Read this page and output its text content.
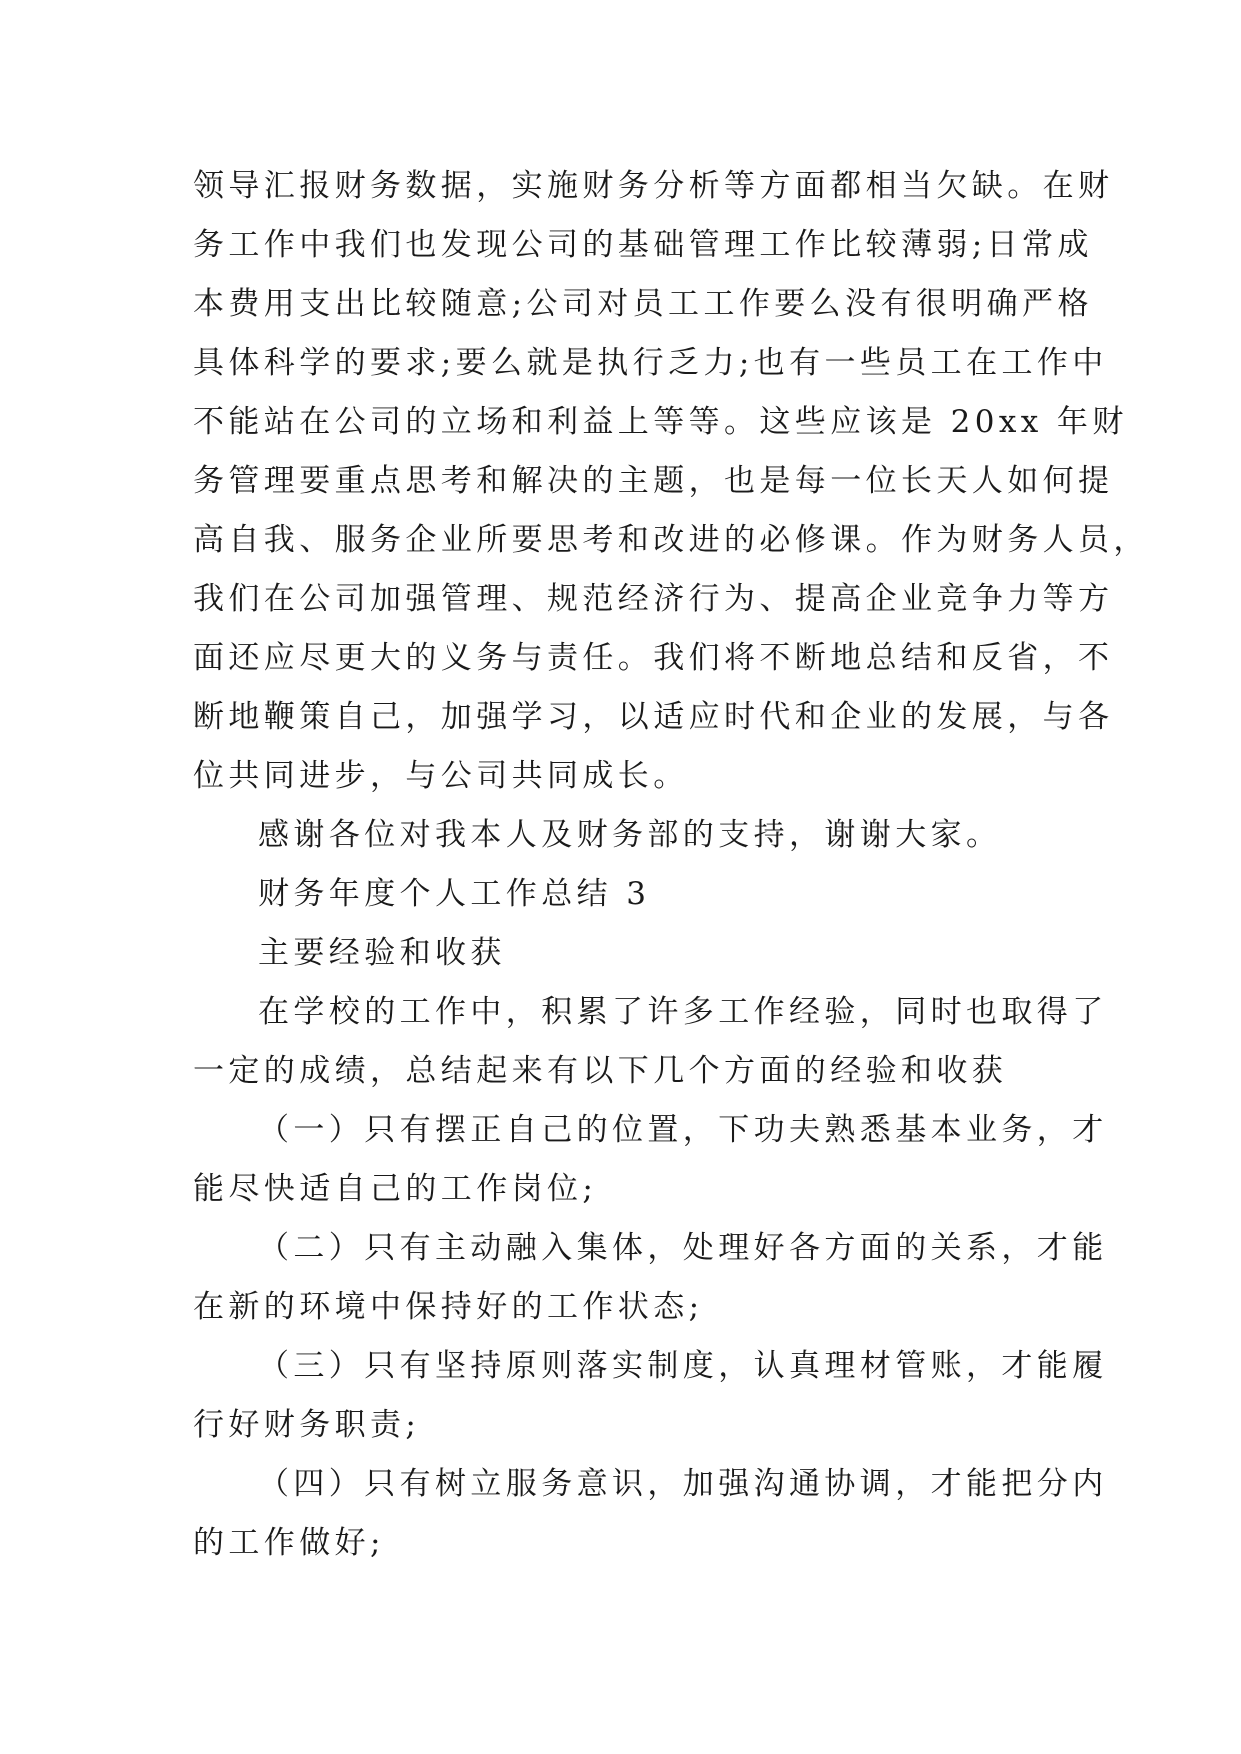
领导汇报财务数据，实施财务分析等方面都相当欠缺。在财
务工作中我们也发现公司的基础管理工作比较薄弱;日常成
本费用支出比较随意;公司对员工工作要么没有很明确严格
具体科学的要求;要么就是执行乏力;也有一些员工在工作中
不能站在公司的立场和利益上等等。这些应该是 20xx 年财
务管理要重点思考和解决的主题，也是每一位长天人如何提
高自我、服务企业所要思考和改进的必修课。作为财务人员，
我们在公司加强管理、规范经济行为、提高企业竞争力等方
面还应尽更大的义务与责任。我们将不断地总结和反省，不
断地鞭策自己，加强学习，以适应时代和企业的发展，与各
位共同进步，与公司共同成长。
感谢各位对我本人及财务部的支持，谢谢大家。
财务年度个人工作总结 3
主要经验和收获
在学校的工作中，积累了许多工作经验，同时也取得了
一定的成绩，总结起来有以下几个方面的经验和收获
（一）只有摆正自己的位置，下功夫熟悉基本业务，才
能尽快适自己的工作岗位;
（二）只有主动融入集体，处理好各方面的关系，才能
在新的环境中保持好的工作状态;
（三）只有坚持原则落实制度，认真理材管账，才能履
行好财务职责;
（四）只有树立服务意识，加强沟通协调，才能把分内
的工作做好;
